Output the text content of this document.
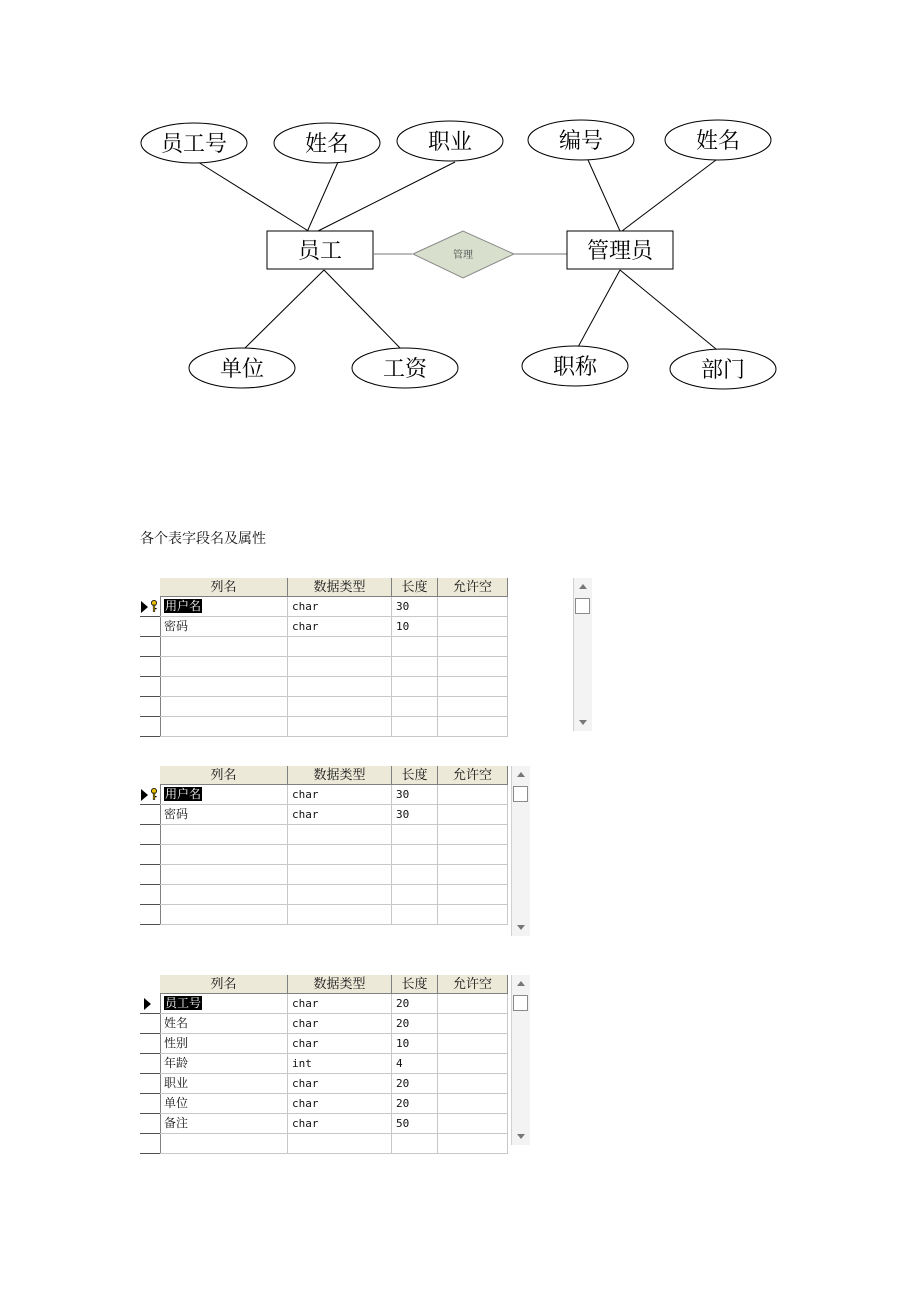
员工号	姓名	职业	编号	姓名
员工	管理员
管理
单位	工资	职称	部门
各个表字段名及属性
列名	数据类型	长度	允许空
用户名	char	30
密码	char	10
列名	数据类型	长度	允许空
用户名	char	30
密码	char	30
列名	数据类型	长度	允许空
员工号	char	20
姓名	char	20
性别	char	10
年龄	int	4
职业	char	20
单位	char	20
备注	char	50
